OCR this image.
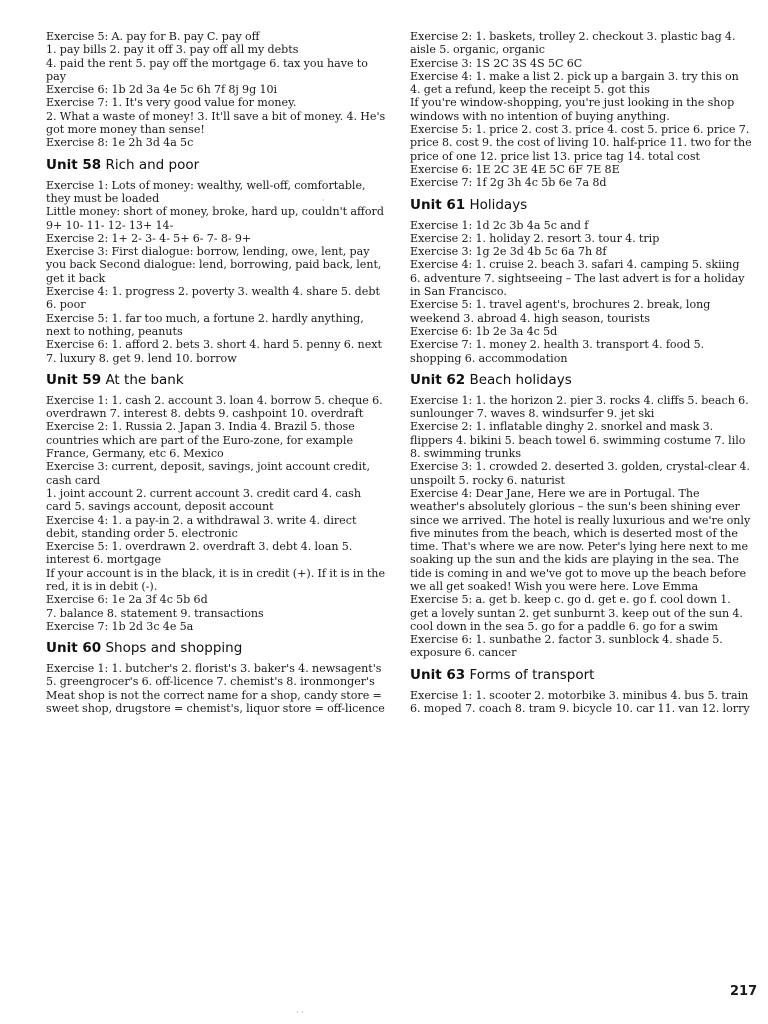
Exercise 5: A. pay for B. pay C. pay off

1. pay bills 2. pay it off 3. pay off all my debts

4. paid the rent 5. pay off the mortgage 6. tax you have to pay

Exercise 6: 1b 2d 3a 4e 5c 6h 7f 8j 9g 10i

Exercise 7: 1. It's very good value for money.

2. What a waste of money! 3. It'll save a bit of money. 4. He's got more money than sense!

Exercise 8: 1e 2h 3d 4a 5c

Unit 58 Rich and poor

Exercise 1: Lots of money: wealthy, well-off, comfortable, they must be loaded

Little money: short of money, broke, hard up, couldn't afford

9+ 10- 11- 12- 13+ 14-

Exercise 2: 1+ 2- 3- 4- 5+ 6- 7- 8- 9+

Exercise 3: First dialogue: borrow, lending, owe, lent, pay you back Second dialogue: lend, borrowing, paid back, lent, get it back

Exercise 4: 1. progress 2. poverty 3. wealth 4. share 5. debt 6. poor

Exercise 5: 1. far too much, a fortune 2. hardly anything, next to nothing, peanuts

Exercise 6: 1. afford 2. bets 3. short 4. hard 5. penny 6. next 7. luxury 8. get 9. lend 10. borrow

Unit 59 At the bank

Exercise 1: 1. cash 2. account 3. loan 4. borrow 5. cheque 6. overdrawn 7. interest 8. debts 9. cashpoint 10. overdraft

Exercise 2: 1. Russia 2. Japan 3. India 4. Brazil 5. those countries which are part of the Euro-zone, for example France, Germany, etc 6. Mexico

Exercise 3: current, deposit, savings, joint account credit, cash card

1. joint account 2. current account 3. credit card 4. cash card 5. savings account, deposit account

Exercise 4: 1. a pay-in 2. a withdrawal 3. write 4. direct debit, standing order 5. electronic

Exercise 5: 1. overdrawn 2. overdraft 3. debt 4. loan 5. interest 6. mortgage

If your account is in the black, it is in credit (+). If it is in the red, it is in debit (-).

Exercise 6: 1e 2a 3f 4c 5b 6d

7. balance 8. statement 9. transactions

Exercise 7: 1b 2d 3c 4e 5a

Unit 60 Shops and shopping

Exercise 1: 1. butcher's 2. florist's 3. baker's 4. newsagent's 5. greengrocer's 6. off-licence 7. chemist's 8. ironmonger's

Meat shop is not the correct name for a shop, candy store = sweet shop, drugstore = chemist's, liquor store = off-licence

Exercise 2: 1. baskets, trolley 2. checkout 3. plastic bag 4. aisle 5. organic, organic

Exercise 3: 1S 2C 3S 4S 5C 6C

Exercise 4: 1. make a list 2. pick up a bargain 3. try this on 4. get a refund, keep the receipt 5. got this

If you're window-shopping, you're just looking in the shop windows with no intention of buying anything.

Exercise 5: 1. price 2. cost 3. price 4. cost 5. price 6. price 7. price 8. cost 9. the cost of living 10. half-price 11. two for the price of one 12. price list 13. price tag 14. total cost

Exercise 6: 1E 2C 3E 4E 5C 6F 7E 8E

Exercise 7: 1f 2g 3h 4c 5b 6e 7a 8d

Unit 61 Holidays

Exercise 1: 1d 2c 3b 4a 5c and f

Exercise 2: 1. holiday 2. resort 3. tour 4. trip

Exercise 3: 1g 2e 3d 4b 5c 6a 7h 8f

Exercise 4: 1. cruise 2. beach 3. safari 4. camping 5. skiing 6. adventure 7. sightseeing – The last advert is for a holiday in San Francisco.

Exercise 5: 1. travel agent's, brochures 2. break, long weekend 3. abroad 4. high season, tourists

Exercise 6: 1b 2e 3a 4c 5d

Exercise 7: 1. money 2. health 3. transport 4. food 5. shopping 6. accommodation

Unit 62 Beach holidays

Exercise 1: 1. the horizon 2. pier 3. rocks 4. cliffs 5. beach 6. sunlounger 7. waves 8. windsurfer 9. jet ski

Exercise 2: 1. inflatable dinghy 2. snorkel and mask 3. flippers 4. bikini 5. beach towel 6. swimming costume 7. lilo 8. swimming trunks

Exercise 3: 1. crowded 2. deserted 3. golden, crystal-clear 4. unspoilt 5. rocky 6. naturist

Exercise 4: Dear Jane, Here we are in Portugal. The weather's absolutely glorious – the sun's been shining ever since we arrived. The hotel is really luxurious and we're only five minutes from the beach, which is deserted most of the time. That's where we are now. Peter's lying here next to me soaking up the sun and the kids are playing in the sea. The tide is coming in and we've got to move up the beach before we all get soaked! Wish you were here. Love Emma

Exercise 5: a. get b. keep c. go d. get e. go f. cool down 1. get a lovely suntan 2. get sunburnt 3. keep out of the sun 4. cool down in the sea 5. go for a paddle 6. go for a swim

Exercise 6: 1. sunbathe 2. factor 3. sunblock 4. shade 5. exposure 6. cancer

Unit 63 Forms of transport

Exercise 1: 1. scooter 2. motorbike 3. minibus 4. bus 5. train 6. moped 7. coach 8. tram 9. bicycle 10. car 11. van 12. lorry

217
·
· ·
